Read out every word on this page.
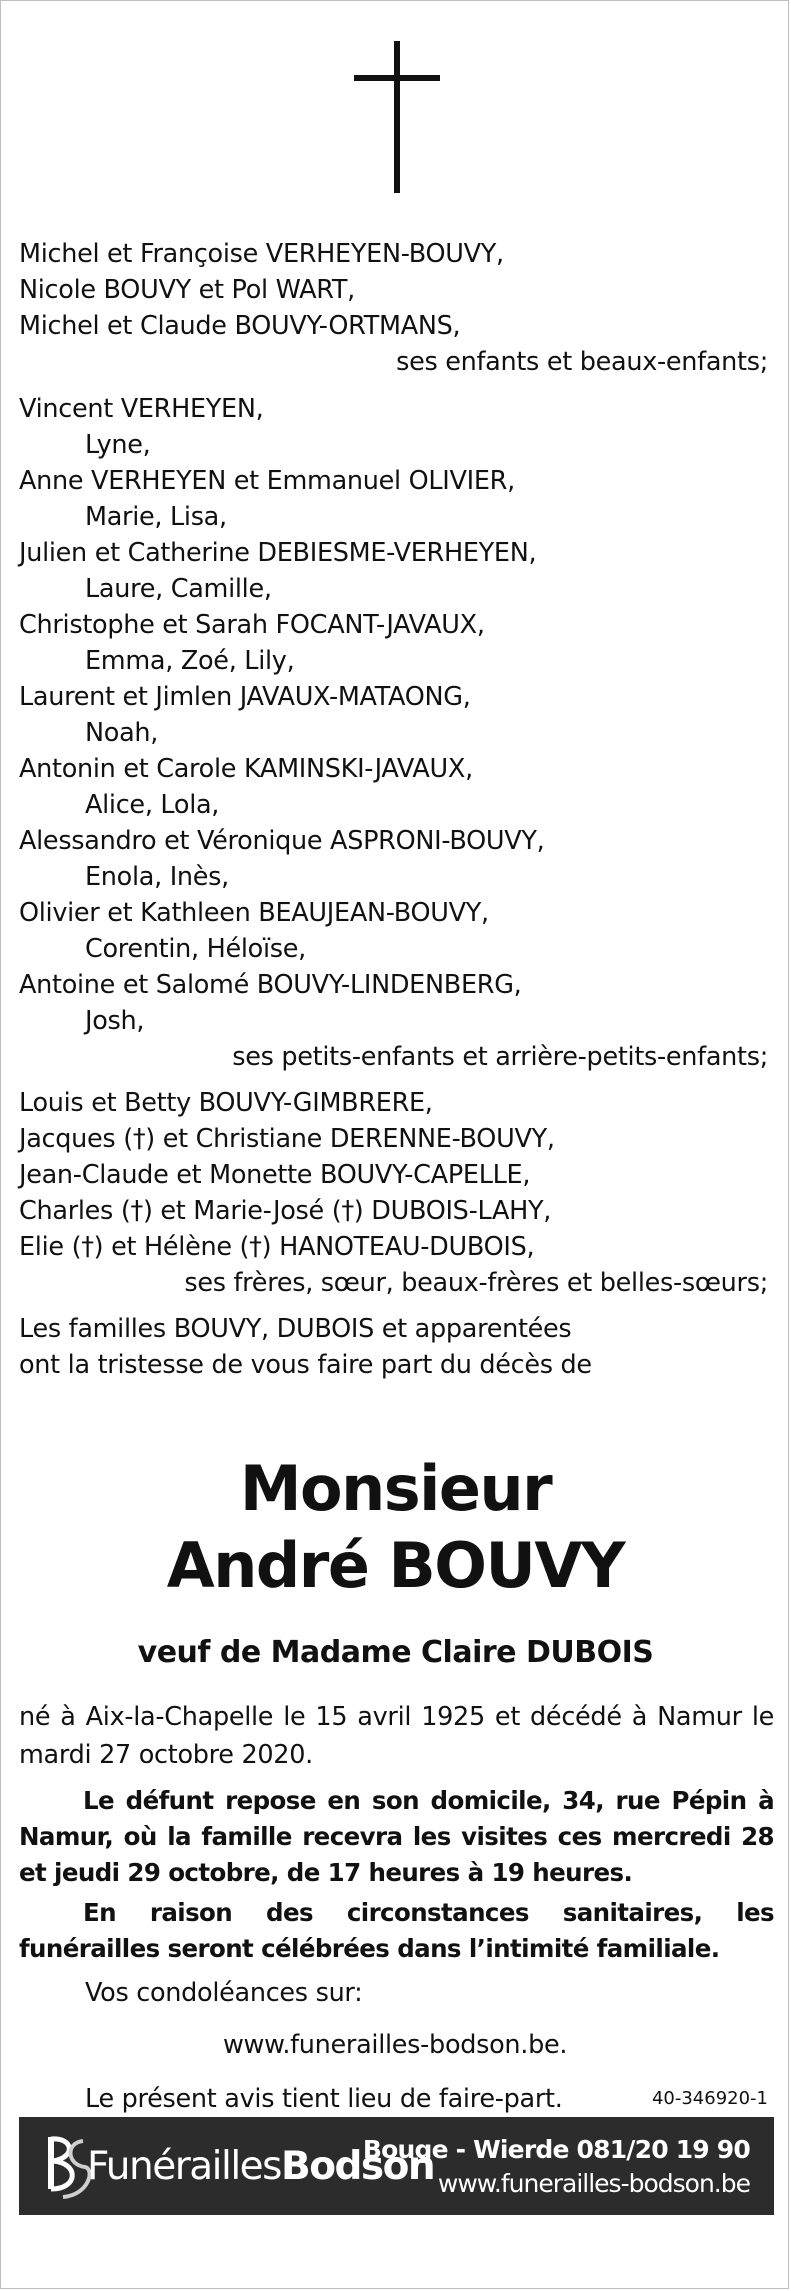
Michel et Françoise VERHEYEN-BOUVY,

Nicole BOUVY et Pol WART,

Michel et Claude BOUVY-ORTMANS,

ses enfants et beaux-enfants;

Vincent VERHEYEN,

Lyne,

Anne VERHEYEN et Emmanuel OLIVIER,

Marie, Lisa,

Julien et Catherine DEBIESME-VERHEYEN,

Laure, Camille,

Christophe et Sarah FOCANT-JAVAUX,

Emma, Zoé, Lily,

Laurent et Jimlen JAVAUX-MATAONG,

Noah,

Antonin et Carole KAMINSKI-JAVAUX,

Alice, Lola,

Alessandro et Véronique ASPRONI-BOUVY,

Enola, Inès,

Olivier et Kathleen BEAUJEAN-BOUVY,

Corentin, Héloïse,

Antoine et Salomé BOUVY-LINDENBERG,

Josh,

ses petits-enfants et arrière-petits-enfants;

Louis et Betty BOUVY-GIMBRERE,

Jacques (†) et Christiane DERENNE-BOUVY,

Jean-Claude et Monette BOUVY-CAPELLE,

Charles (†) et Marie-José (†) DUBOIS-LAHY,

Elie (†) et Hélène (†) HANOTEAU-DUBOIS,

ses frères, sœur, beaux-frères et belles-sœurs;

Les familles BOUVY, DUBOIS et apparentées

ont la tristesse de vous faire part du décès de

Monsieur

André BOUVY

veuf de Madame Claire DUBOIS

né à Aix-la-Chapelle le 15 avril 1925 et décédé à Namur le mardi 27 octobre 2020.

Le défunt repose en son domicile, 34, rue Pépin à Namur, où la famille recevra les visites ces mercredi 28 et jeudi 29 octobre, de 17 heures à 19 heures.

En raison des circonstances sanitaires, les funérailles seront célébrées dans l’intimité familiale.

Vos condoléances sur:

www.funerailles-bodson.be.

Le présent avis tient lieu de faire-part.	40-346920-1

FunéraillesBodson
Bouge - Wierde 081/20 19 90
www.funerailles-bodson.be
